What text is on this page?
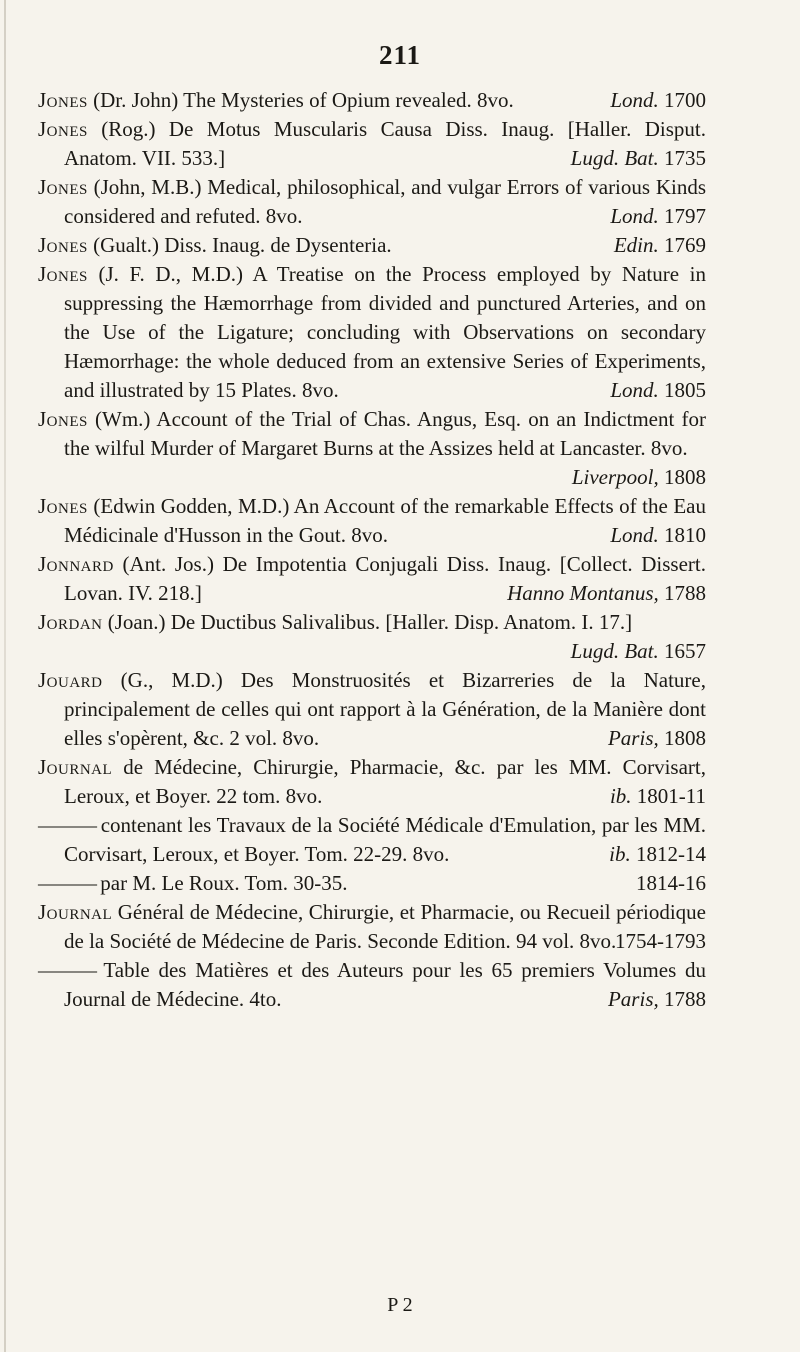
211
Jones (Dr. John) The Mysteries of Opium revealed. 8vo.	Lond. 1700
Jones (Rog.) De Motus Muscularis Causa Diss. Inaug. [Haller. Disput. Anatom. VII. 533.]	Lugd. Bat. 1735
Jones (John, M.B.) Medical, philosophical, and vulgar Errors of various Kinds considered and refuted. 8vo.	Lond. 1797
Jones (Gualt.) Diss. Inaug. de Dysenteria.	Edin. 1769
Jones (J. F. D., M.D.) A Treatise on the Process employed by Nature in suppressing the Hæmorrhage from divided and punctured Arteries, and on the Use of the Ligature; concluding with Observations on secondary Hæmorrhage: the whole deduced from an extensive Series of Experiments, and illustrated by 15 Plates. 8vo.	Lond. 1805
Jones (Wm.) Account of the Trial of Chas. Angus, Esq. on an Indictment for the wilful Murder of Margaret Burns at the Assizes held at Lancaster. 8vo.
Liverpool, 1808
Jones (Edwin Godden, M.D.) An Account of the remarkable Effects of the Eau Médicinale d'Husson in the Gout. 8vo.	Lond. 1810
Jonnard (Ant. Jos.) De Impotentia Conjugali Diss. Inaug. [Collect. Dissert. Lovan. IV. 218.]	Hanno Montanus, 1788
Jordan (Joan.) De Ductibus Salivalibus. [Haller. Disp. Anatom. I. 17.]
Lugd. Bat. 1657
Jouard (G., M.D.) Des Monstruosités et Bizarreries de la Nature, principalement de celles qui ont rapport à la Génération, de la Manière dont elles s'opèrent, &c. 2 vol. 8vo.	Paris, 1808
Journal de Médecine, Chirurgie, Pharmacie, &c. par les MM. Corvisart, Leroux, et Boyer. 22 tom. 8vo.	ib. 1801-11
——— contenant les Travaux de la Société Médicale d'Emulation, par les MM. Corvisart, Leroux, et Boyer. Tom. 22-29. 8vo.	ib. 1812-14
——— par M. Le Roux. Tom. 30-35.	1814-16
Journal Général de Médecine, Chirurgie, et Pharmacie, ou Recueil périodique de la Société de Médecine de Paris. Seconde Edition. 94 vol. 8vo.
1754-1793
——— Table des Matières et des Auteurs pour les 65 premiers Volumes du Journal de Médecine. 4to.	Paris, 1788
P 2
